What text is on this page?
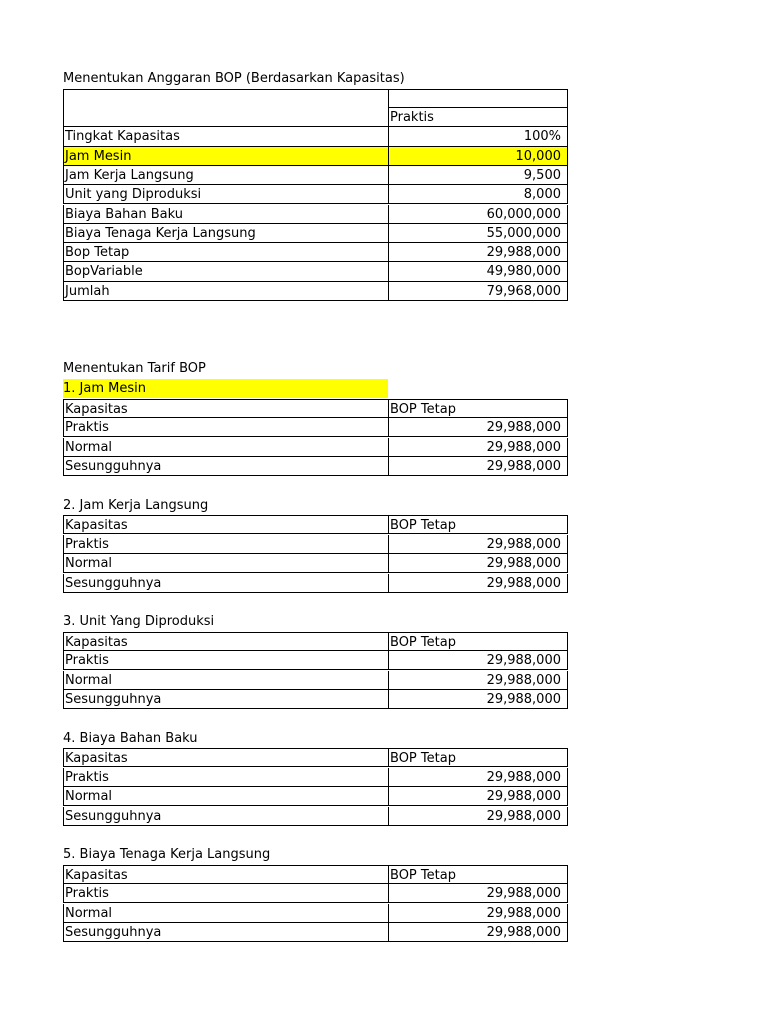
Menentukan Anggaran BOP (Berdasarkan Kapasitas)
Praktis
Tingkat Kapasitas	100%
Jam Mesin	10,000
Jam Kerja Langsung	9,500
Unit yang Diproduksi	8,000
Biaya Bahan Baku	60,000,000
Biaya Tenaga Kerja Langsung	55,000,000
Bop Tetap	29,988,000
BopVariable	49,980,000
Jumlah	79,968,000
Menentukan Tarif BOP
1. Jam Mesin
Kapasitas	BOP Tetap
Praktis	29,988,000
Normal	29,988,000
Sesungguhnya	29,988,000
2. Jam Kerja Langsung
Kapasitas	BOP Tetap
Praktis	29,988,000
Normal	29,988,000
Sesungguhnya	29,988,000
3. Unit Yang Diproduksi
Kapasitas	BOP Tetap
Praktis	29,988,000
Normal	29,988,000
Sesungguhnya	29,988,000
4. Biaya Bahan Baku
Kapasitas	BOP Tetap
Praktis	29,988,000
Normal	29,988,000
Sesungguhnya	29,988,000
5. Biaya Tenaga Kerja Langsung
Kapasitas	BOP Tetap
Praktis	29,988,000
Normal	29,988,000
Sesungguhnya	29,988,000
